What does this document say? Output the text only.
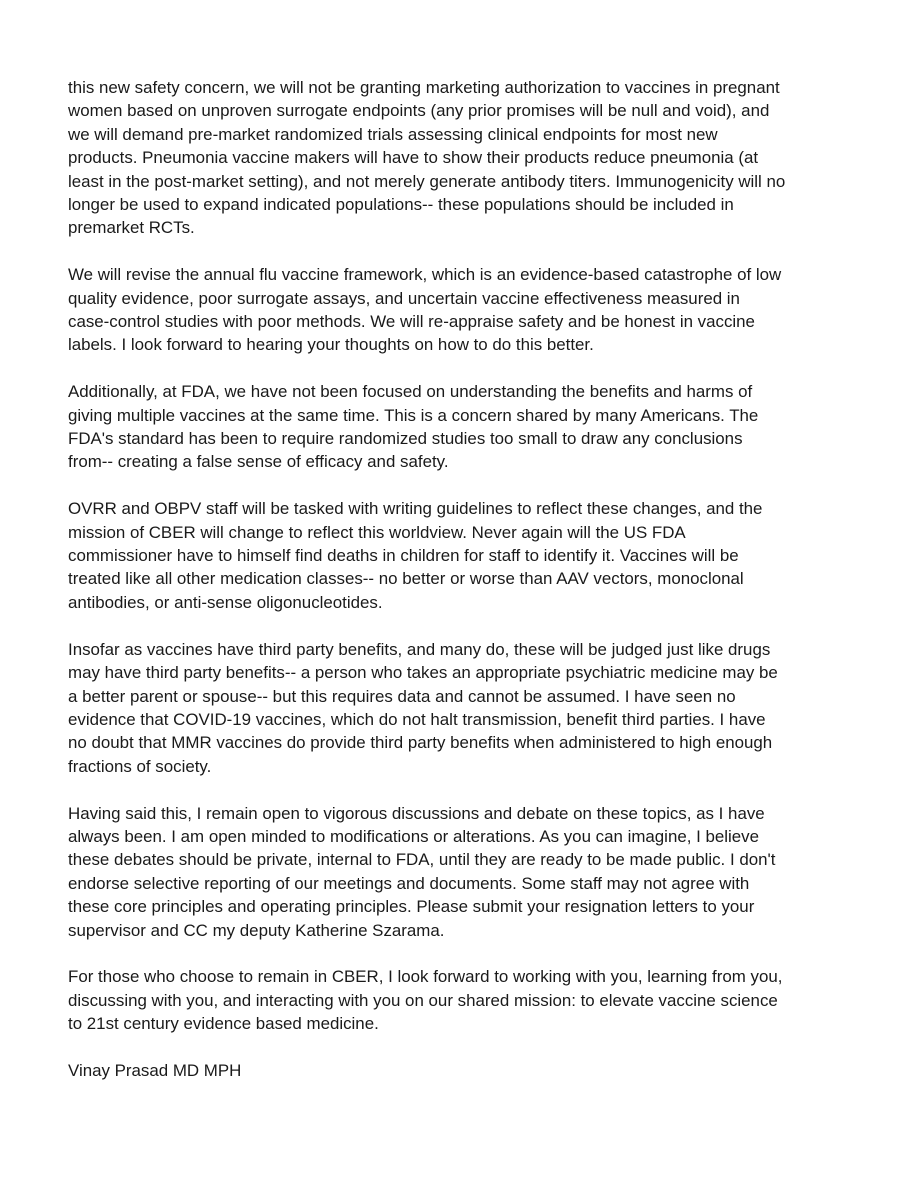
this new safety concern, we will not be granting marketing authorization to vaccines in pregnant
women based on unproven surrogate endpoints (any prior promises will be null and void), and
we will demand pre-market randomized trials assessing clinical endpoints for most new
products. Pneumonia vaccine makers will have to show their products reduce pneumonia (at
least in the post-market setting), and not merely generate antibody titers. Immunogenicity will no
longer be used to expand indicated populations-- these populations should be included in
premarket RCTs.

We will revise the annual flu vaccine framework, which is an evidence-based catastrophe of low
quality evidence, poor surrogate assays, and uncertain vaccine effectiveness measured in
case-control studies with poor methods. We will re-appraise safety and be honest in vaccine
labels. I look forward to hearing your thoughts on how to do this better.

Additionally, at FDA, we have not been focused on understanding the benefits and harms of
giving multiple vaccines at the same time. This is a concern shared by many Americans. The
FDA's standard has been to require randomized studies too small to draw any conclusions
from-- creating a false sense of efficacy and safety.

OVRR and OBPV staff will be tasked with writing guidelines to reflect these changes, and the
mission of CBER will change to reflect this worldview. Never again will the US FDA
commissioner have to himself find deaths in children for staff to identify it. Vaccines will be
treated like all other medication classes-- no better or worse than AAV vectors, monoclonal
antibodies, or anti-sense oligonucleotides.

Insofar as vaccines have third party benefits, and many do, these will be judged just like drugs
may have third party benefits-- a person who takes an appropriate psychiatric medicine may be
a better parent or spouse-- but this requires data and cannot be assumed. I have seen no
evidence that COVID-19 vaccines, which do not halt transmission, benefit third parties. I have
no doubt that MMR vaccines do provide third party benefits when administered to high enough
fractions of society.

Having said this, I remain open to vigorous discussions and debate on these topics, as I have
always been. I am open minded to modifications or alterations. As you can imagine, I believe
these debates should be private, internal to FDA, until they are ready to be made public. I don't
endorse selective reporting of our meetings and documents. Some staff may not agree with
these core principles and operating principles. Please submit your resignation letters to your
supervisor and CC my deputy Katherine Szarama.

For those who choose to remain in CBER, I look forward to working with you, learning from you,
discussing with you, and interacting with you on our shared mission: to elevate vaccine science
to 21st century evidence based medicine.

Vinay Prasad MD MPH
